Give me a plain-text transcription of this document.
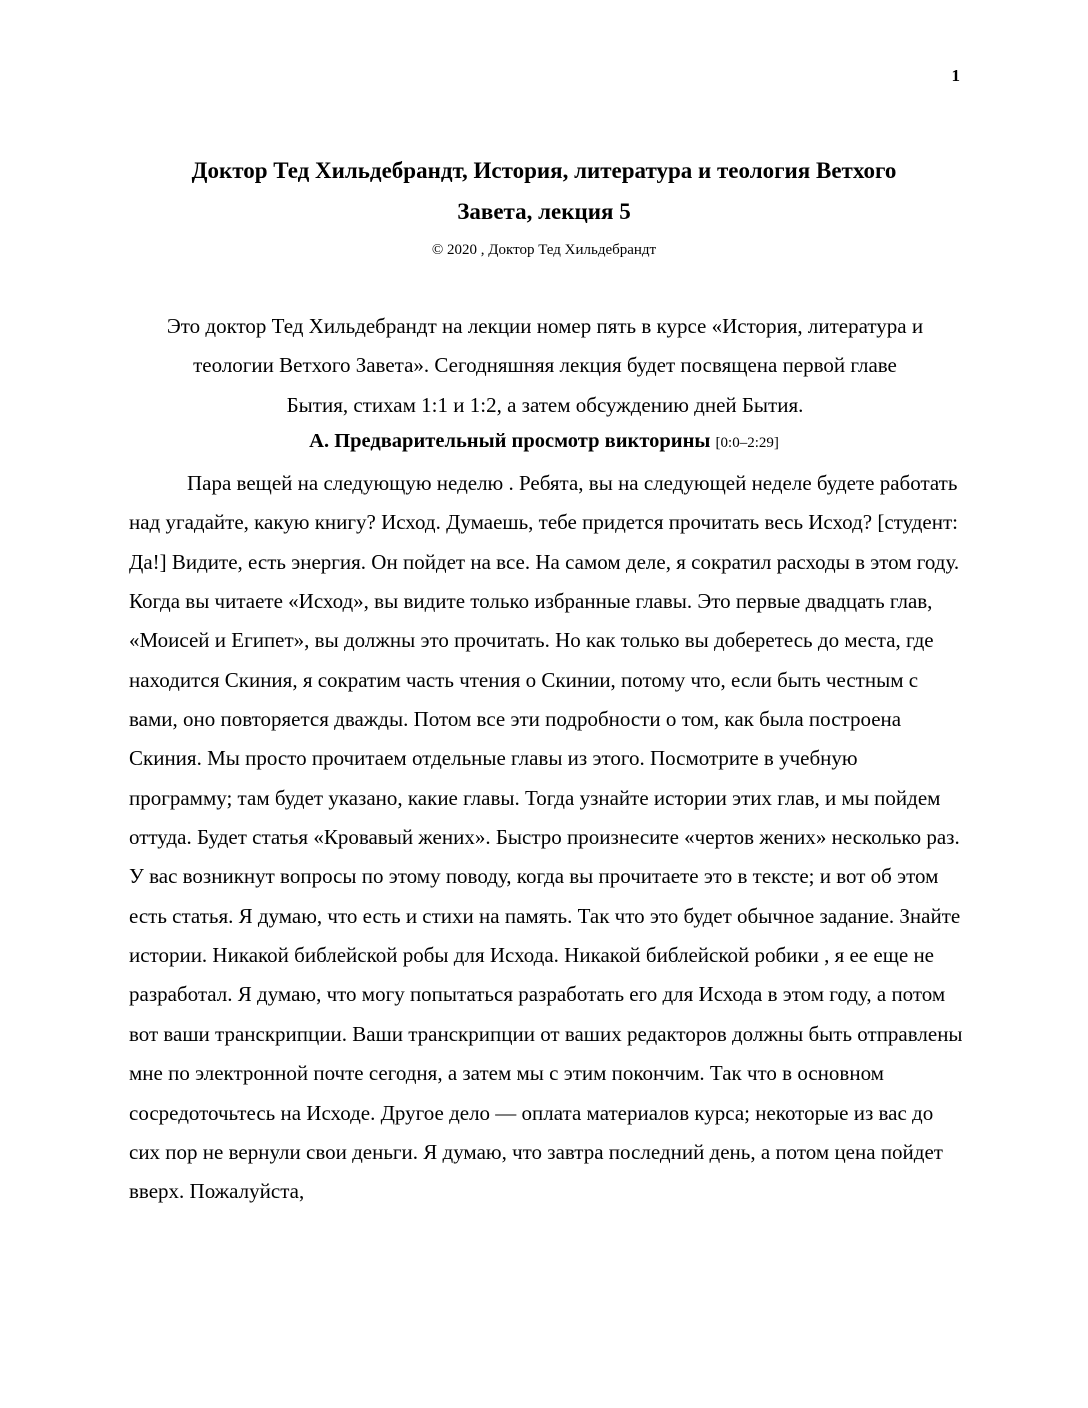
1
Доктор Тед Хильдебрандт, История, литература и теология Ветхого
Завета, лекция 5
© 2020 , Доктор Тед Хильдебрандт
Это доктор Тед Хильдебрандт на лекции номер пять в курсе «История, литература и
теологии Ветхого Завета». Сегодняшняя лекция будет посвящена первой главе
Бытия, стихам 1:1 и 1:2, а затем обсуждению дней Бытия.
А. Предварительный просмотр викторины [0:0–2:29]

Пара вещей на следующую неделю . Ребята, вы на следующей неделе будете работать над угадайте, какую книгу? Исход. Думаешь, тебе придется прочитать весь Исход? [студент: Да!] Видите, есть энергия. Он пойдет на все. На самом деле, я сократил расходы в этом году. Когда вы читаете «Исход», вы видите только избранные главы. Это первые двадцать глав, «Моисей и Египет», вы должны это прочитать. Но как только вы доберетесь до места, где находится Скиния, я сократим часть чтения о Скинии, потому что, если быть честным с вами, оно повторяется дважды. Потом все эти подробности о том, как была построена Скиния. Мы просто прочитаем отдельные главы из этого. Посмотрите в учебную программу; там будет указано, какие главы. Тогда узнайте истории этих глав, и мы пойдем оттуда. Будет статья «Кровавый жених». Быстро произнесите «чертов жених» несколько раз. У вас возникнут вопросы по этому поводу, когда вы прочитаете это в тексте; и вот об этом есть статья. Я думаю, что есть и стихи на память. Так что это будет обычное задание. Знайте истории. Никакой библейской робы для Исхода. Никакой библейской робики , я ее еще не разработал. Я думаю, что могу попытаться разработать его для Исхода в этом году, а потом вот ваши транскрипции. Ваши транскрипции от ваших редакторов должны быть отправлены мне по электронной почте сегодня, а затем мы с этим покончим. Так что в основном сосредоточьтесь на Исходе. Другое дело — оплата материалов курса; некоторые из вас до сих пор не вернули свои деньги. Я думаю, что завтра последний день, а потом цена пойдет вверх. Пожалуйста,
